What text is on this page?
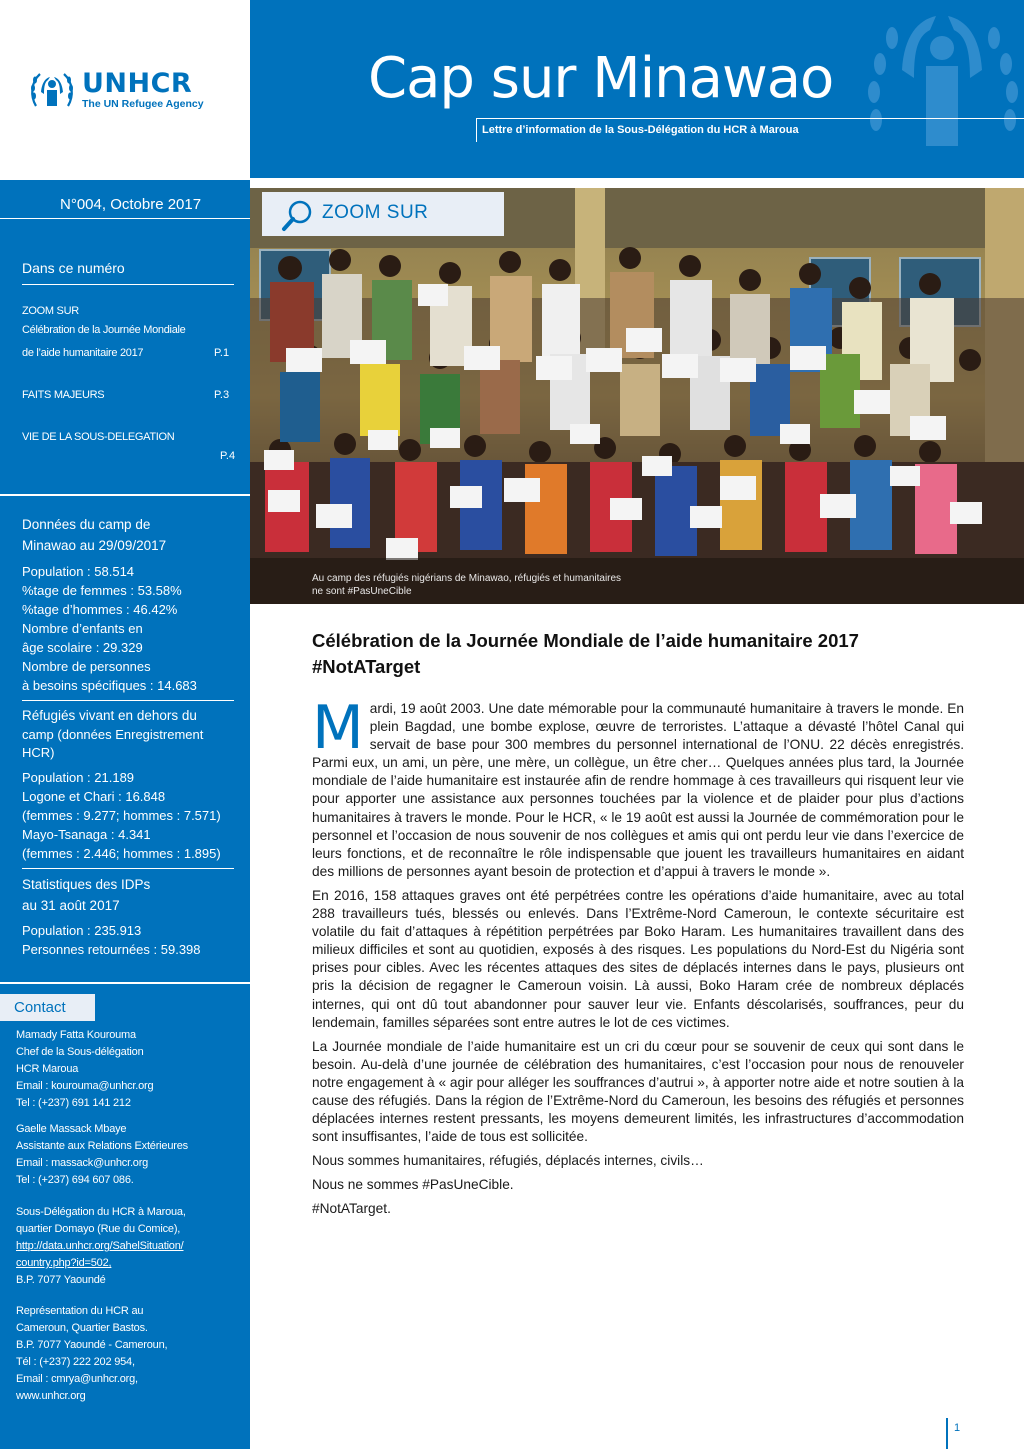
UNHCR
The UN Refugee Agency	Cap sur Minawao
Lettre d’information de la Sous-Délégation du HCR à Maroua
N°004, Octobre 2017
Dans ce numéro
ZOOM SUR
Célébration de la Journée Mondiale
de l’aide humanitaire 2017	P.1
FAITS MAJEURS	P.3
VIE DE LA SOUS-DELEGATION
P.4
Données du camp de
Minawao au 29/09/2017
Population : 58.514
%tage de femmes : 53.58%
%tage d’hommes : 46.42%
Nombre d’enfants en
âge scolaire : 29.329
Nombre de personnes
à besoins spécifiques : 14.683
Réfugiés vivant en dehors du
camp (données Enregistrement
HCR)
Population : 21.189
Logone et Chari : 16.848
(femmes : 9.277; hommes : 7.571)
Mayo-Tsanaga : 4.341
(femmes : 2.446; hommes : 1.895)
Statistiques des IDPs
au 31 août 2017
Population : 235.913
Personnes retournées : 59.398
Contact
Mamady Fatta Kourouma
Chef de la Sous-délégation
HCR Maroua
Email : kourouma@unhcr.org
Tel : (+237) 691 141 212
Gaelle Massack Mbaye
Assistante aux Relations Extérieures
Email : massack@unhcr.org
Tel : (+237) 694 607 086.
Sous-Délégation du HCR à Maroua,
quartier Domayo (Rue du Comice),
http://data.unhcr.org/SahelSituation/
country.php?id=502,
B.P. 7077 Yaoundé
Représentation du HCR au
Cameroun, Quartier Bastos.
B.P. 7077 Yaoundé - Cameroun,
Tél : (+237) 222 202 954,
Email : cmrya@unhcr.org,
www.unhcr.org
Au camp des réfugiés nigérians de Minawao, réfugiés et humanitaires
ne sont #PasUneCible
ZOOM SUR
Célébration de la Journée Mondiale de l’aide humanitaire 2017
#NotATarget

Mardi, 19 août 2003. Une date mémorable pour la communauté humanitaire à travers le monde. En plein Bagdad, une bombe explose, œuvre de terroristes. L’attaque a dévasté l’hôtel Canal qui servait de base pour 300 membres du personnel international de l’ONU. 22 décès enregistrés. Parmi eux, un ami, un père, une mère, un collègue, un être cher… Quelques années plus tard, la Journée mondiale de l’aide humanitaire est instaurée afin de rendre hommage à ces travailleurs qui risquent leur vie pour apporter une assistance aux personnes touchées par la violence et de plaider pour plus d’actions humanitaires à travers le monde. Pour le HCR, « le 19 août est aussi la Journée de commémoration pour le personnel et l’occasion de nous souvenir de nos collègues et amis qui ont perdu leur vie dans l’exercice de leurs fonctions, et de reconnaître le rôle indispensable que jouent les travailleurs humanitaires en aidant des millions de personnes ayant besoin de protection et d’appui à travers le monde ».

En 2016, 158 attaques graves ont été perpétrées contre les opérations d’aide humanitaire, avec au total 288 travailleurs tués, blessés ou enlevés. Dans l’Extrême-Nord Cameroun, le contexte sécuritaire est volatile du fait d’attaques à répétition perpétrées par Boko Haram. Les humanitaires travaillent dans des milieux difficiles et sont au quotidien, exposés à des risques. Les populations du Nord-Est du Nigéria sont prises pour cibles. Avec les récentes attaques des sites de déplacés internes dans le pays, plusieurs ont pris la décision de regagner le Cameroun voisin. Là aussi, Boko Haram crée de nombreux déplacés internes, qui ont dû tout abandonner pour sauver leur vie. Enfants déscolarisés, souffrances, peur du lendemain, familles séparées sont entre autres le lot de ces victimes.

La Journée mondiale de l’aide humanitaire est un cri du cœur pour se souvenir de ceux qui sont dans le besoin. Au-delà d’une journée de célébration des humanitaires, c’est l’occasion pour nous de renouveler notre engagement à « agir pour alléger les souffrances d’autrui », à apporter notre aide et notre soutien à la cause des réfugiés. Dans la région de l’Extrême-Nord du Cameroun, les besoins des réfugiés et personnes déplacées internes restent pressants, les moyens demeurent limités, les infrastructures d’accommodation sont insuffisantes, l’aide de tous est sollicitée.

Nous sommes humanitaires, réfugiés, déplacés internes, civils…

Nous ne sommes #PasUneCible.

#NotATarget.

1
